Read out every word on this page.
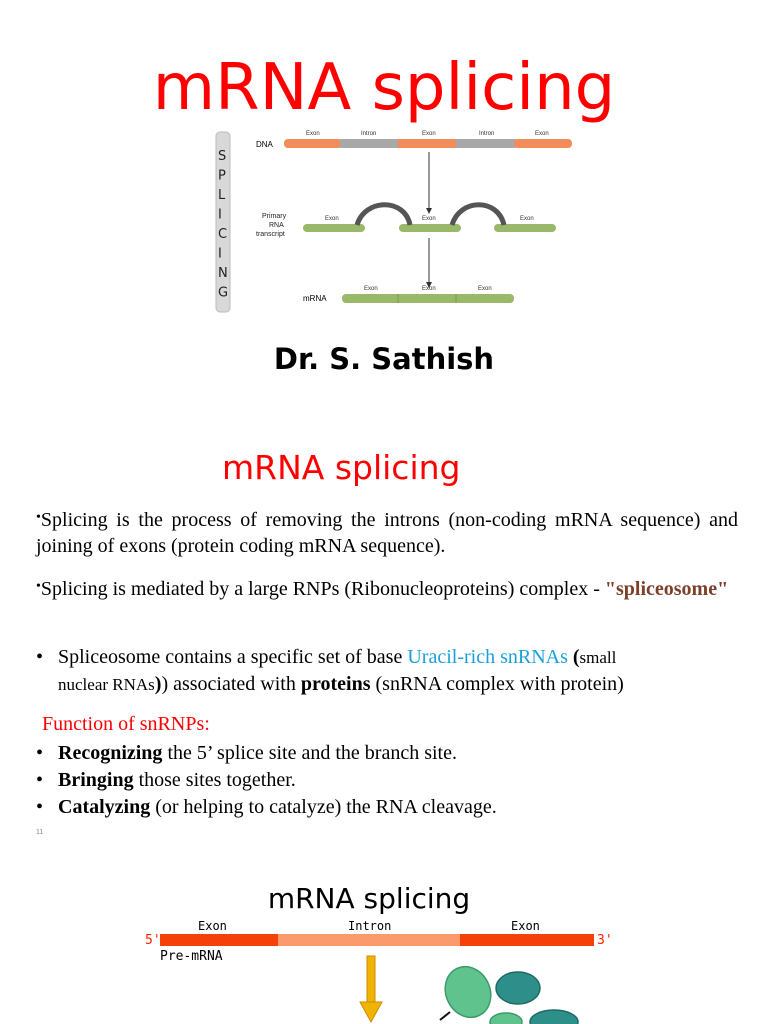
mRNA splicing
S
P
L
I
C
I
N
G
DNA
Exon	Intron	Exon	Intron	Exon
Primary
RNA
transcript
Exon	Exon	Exon
mRNA
Exon	Exon	Exon
Dr. S. Sathish
mRNA splicing
•Splicing is the process of removing the introns (non-coding mRNA sequence) and joining of exons (protein coding mRNA sequence).
•Splicing is mediated by a large RNPs (Ribonucleoproteins) complex - "spliceosome"
• Spliceosome contains a specific set of base Uracil-rich snRNAs (small
nuclear RNAs)) associated with proteins (snRNA complex with protein)
Function of snRNPs:
• Recognizing the 5’ splice site and the branch site.
• Bringing those sites together.
• Catalyzing (or helping to catalyze) the RNA cleavage.
11
mRNA splicing
Exon	Intron	Exon
5'	3'
Pre-mRNA
